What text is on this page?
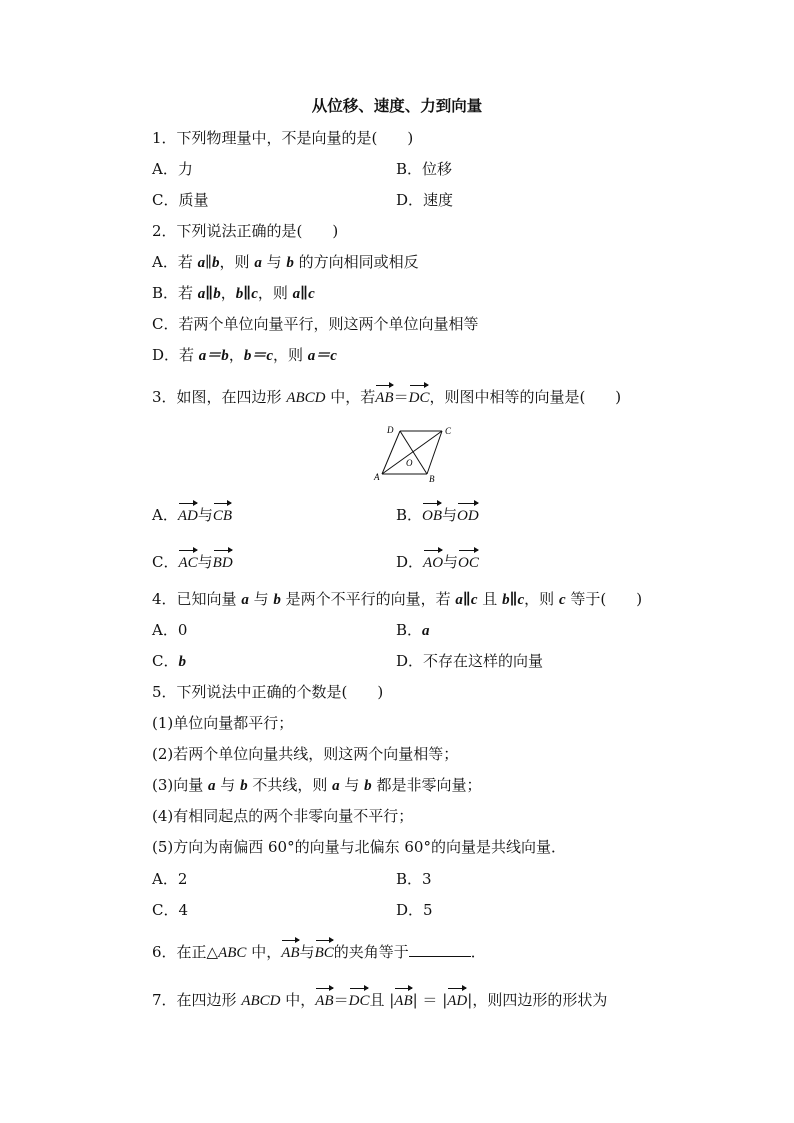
从位移、速度、力到向量
1．下列物理量中，不是向量的是(　　)
A．力	B．位移
C．质量	D．速度
2．下列说法正确的是(　　)
A．若 a∥b，则 a 与 b 的方向相同或相反
B．若 a∥b，b∥c，则 a∥c
C．若两个单位向量平行，则这两个单位向量相等
D．若 a＝b，b＝c，则 a＝c
3．如图，在四边形 ABCD 中，若AB＝DC，则图中相等的向量是(　　)
D	C
O
A	B
A．AD与CB	B．OB与OD
C．AC与BD	D．AO与OC
4．已知向量 a 与 b 是两个不平行的向量，若 a∥c 且 b∥c，则 c 等于(　　)
A．0	B．a
C．b	D．不存在这样的向量
5．下列说法中正确的个数是(　　)
(1)单位向量都平行；
(2)若两个单位向量共线，则这两个向量相等；
(3)向量 a 与 b 不共线，则 a 与 b 都是非零向量；
(4)有相同起点的两个非零向量不平行；
(5)方向为南偏西 60°的向量与北偏东 60°的向量是共线向量．
A．2	B．3
C．4	D．5
6．在正△ABC 中，AB与BC的夹角等于	．
7．在四边形 ABCD 中，AB＝DC且 |AB| ＝ |AD|，则四边形的形状为
